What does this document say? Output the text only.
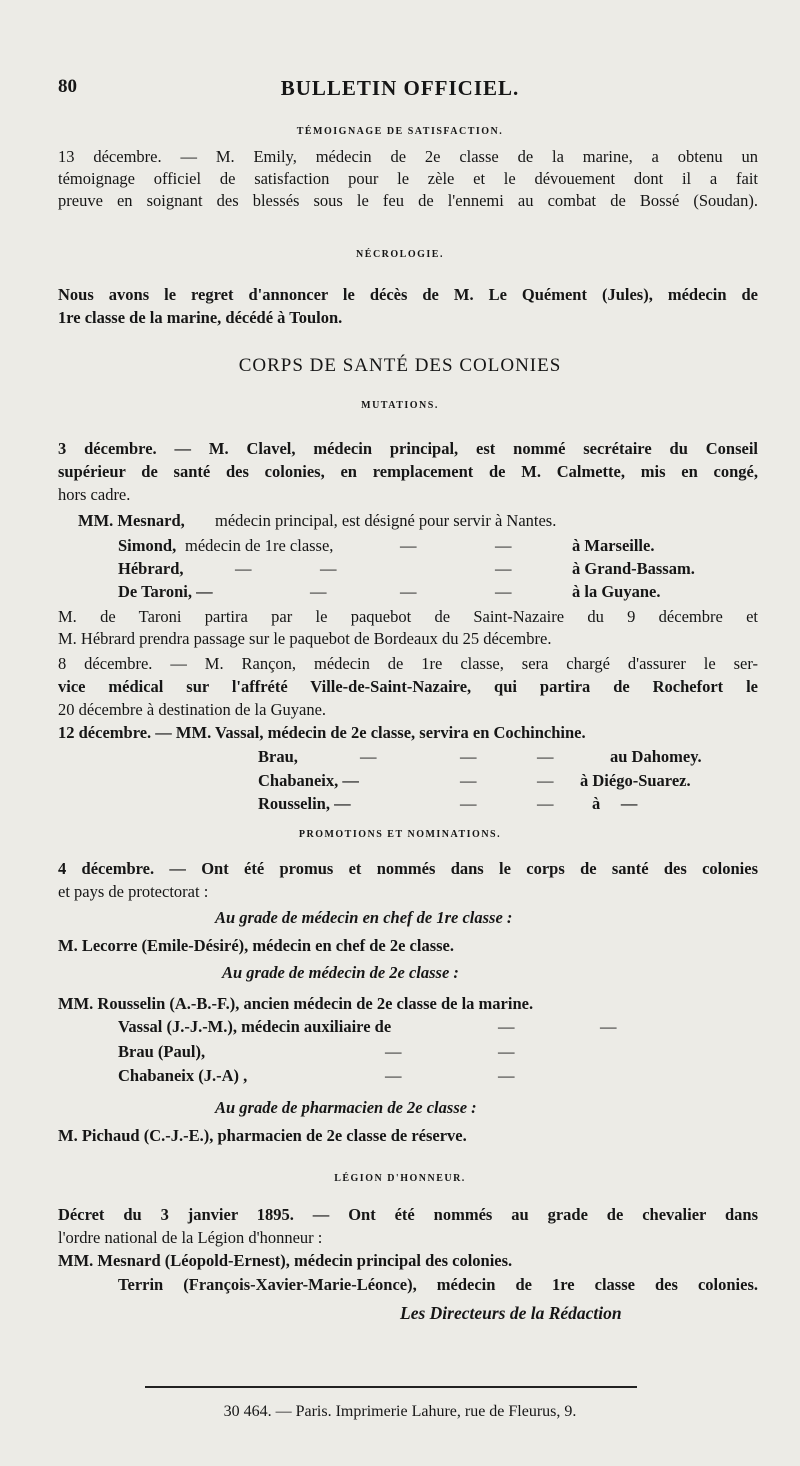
80	BULLETIN OFFICIEL.
TÉMOIGNAGE DE SATISFACTION.
13 décembre. — M. Emily, médecin de 2e classe de la marine, a obtenu un
témoignage officiel de satisfaction pour le zèle et le dévouement dont il a fait
preuve en soignant des blessés sous le feu de l'ennemi au combat de Bossé (Soudan).
NÉCROLOGIE.
Nous avons le regret d'annoncer le décès de M. Le Quément (Jules), médecin de
1re classe de la marine, décédé à Toulon.
CORPS DE SANTÉ DES COLONIES
MUTATIONS.
3 décembre. — M. Clavel, médecin principal, est nommé secrétaire du Conseil
supérieur de santé des colonies, en remplacement de M. Calmette, mis en congé,
hors cadre.
MM. Mesnard, médecin principal, est désigné pour servir à Nantes.
Simond, médecin de 1re classe,	—	—	à Marseille.
Hébrard,	—	—	—	à Grand-Bassam.
De Taroni, —	—	—	—	à la Guyane.
M. de Taroni partira par le paquebot de Saint-Nazaire du 9 décembre et
M. Hébrard prendra passage sur le paquebot de Bordeaux du 25 décembre.
8 décembre. — M. Rançon, médecin de 1re classe, sera chargé d'assurer le ser-
vice médical sur l'affrété Ville-de-Saint-Nazaire, qui partira de Rochefort le
20 décembre à destination de la Guyane.
12 décembre. — MM. Vassal, médecin de 2e classe, servira en Cochinchine.
Brau,	—	—	—	au Dahomey.
Chabaneix, —	—	— à Diégo-Suarez.
Rousselin, —	—	— à     —
PROMOTIONS ET NOMINATIONS.
4 décembre. — Ont été promus et nommés dans le corps de santé des colonies
et pays de protectorat :
Au grade de médecin en chef de 1re classe :
M. Lecorre (Emile-Désiré), médecin en chef de 2e classe.
Au grade de médecin de 2e classe :
MM. Rousselin (A.-B.-F.), ancien médecin de 2e classe de la marine.
Vassal (J.-J.-M.), médecin auxiliaire de	—	—
Brau (Paul),	—	—
Chabaneix (J.-A) ,	—	—
Au grade de pharmacien de 2e classe :
M. Pichaud (C.-J.-E.), pharmacien de 2e classe de réserve.
LÉGION D'HONNEUR.
Décret du 3 janvier 1895. — Ont été nommés au grade de chevalier dans
l'ordre national de la Légion d'honneur :
MM. Mesnard (Léopold-Ernest), médecin principal des colonies.
Terrin (François-Xavier-Marie-Léonce), médecin de 1re classe des colonies.
Les Directeurs de la Rédaction
30 464. — Paris. Imprimerie Lahure, rue de Fleurus, 9.
